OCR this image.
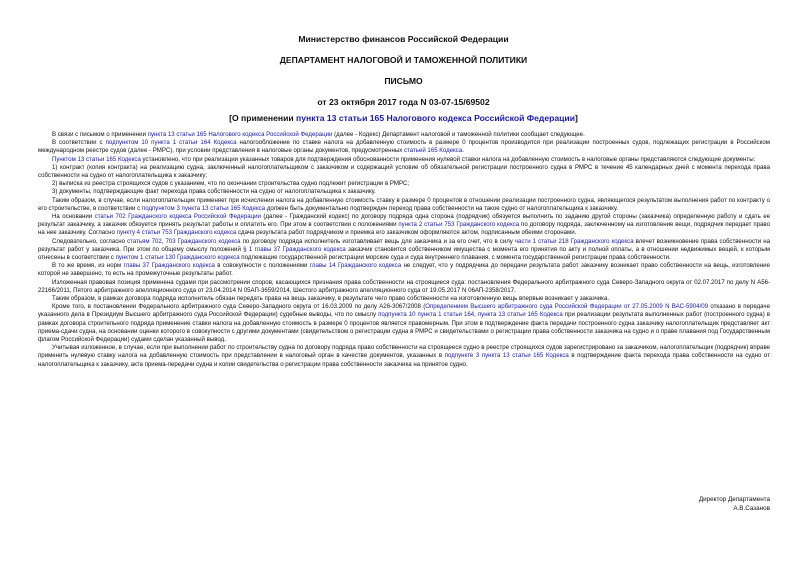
Министерство финансов Российской Федерации
ДЕПАРТАМЕНТ НАЛОГОВОЙ И ТАМОЖЕННОЙ ПОЛИТИКИ
ПИСЬМО
от 23 октября 2017 года N 03-07-15/69502
[О применении пункта 13 статьи 165 Налогового кодекса Российской Федерации]

В связи с письмом о применении пункта 13 статьи 165 Налогового кодекса Российской Федерации (далее - Кодекс) Департамент налоговой и таможенной политики сообщает следующее.

В соответствии с подпунктом 10 пункта 1 статьи 164 Кодекса налогообложение по ставке налога на добавленную стоимость в размере 0 процентов производится при реализации построенных судов, подлежащих регистрации в Российском международном реестре судов (далее - РМРС), при условии представления в налоговые органы документов, предусмотренных статьей 165 Кодекса.

Пунктом 13 статьи 165 Кодекса установлено, что при реализации указанных товаров для подтверждения обоснованности применения нулевой ставки налога на добавленную стоимость в налоговые органы представляются следующие документы:

1) контракт (копия контракта) на реализацию судна, заключенный налогоплательщиком с заказчиком и содержащий условие об обязательной регистрации построенного судна в РМРС в течение 45 календарных дней с момента перехода права собственности на судно от налогоплательщика к заказчику;

2) выписка из реестра строящихся судов с указанием, что по окончании строительства судно подлежит регистрации в РМРС;

3) документы, подтверждающие факт перехода права собственности на судно от налогоплательщика к заказчику.

Таким образом, в случае, если налогоплательщик применяет при исчислении налога на добавленную стоимость ставку в размере 0 процентов в отношении реализации построенного судна, являющегося результатом выполнения работ по контракту о его строительстве, в соответствии с подпунктом 3 пункта 13 статьи 165 Кодекса должен быть документально подтвержден переход права собственности на такое судно от налогоплательщика к заказчику.

На основании статьи 702 Гражданского кодекса Российской Федерации (далее - Гражданский кодекс) по договору подряда одна сторона (подрядчик) обязуется выполнить по заданию другой стороны (заказчика) определенную работу и сдать ее результат заказчику, а заказчик обязуется принять результат работы и оплатить его. При этом в соответствии с положениями пункта 2 статьи 753 Гражданского кодекса по договору подряда, заключенному на изготовление вещи, подрядчик передает право на нее заказчику. Согласно пункту 4 статьи 753 Гражданского кодекса сдача результата работ подрядчиком и приемка его заказчиком оформляются актом, подписанным обеими сторонами.

Следовательно, согласно статьям 702, 703 Гражданского кодекса по договору подряда исполнитель изготавливает вещь для заказчика и за его счет, что в силу части 1 статьи 218 Гражданского кодекса влечет возникновение права собственности на результат работ у заказчика. При этом по общему смыслу положений § 1 главы 37 Гражданского кодекса заказчик становится собственником имущества с момента его принятия по акту и полной оплаты, а в отношении недвижимых вещей, к которым отнесены в соответствии с пунктом 1 статьи 130 Гражданского кодекса подлежащие государственной регистрации морские суда и суда внутреннего плавания, с момента государственной регистрации права собственности.

В то же время, из норм главы 37 Гражданского кодекса в совокупности с положениями главы 14 Гражданского кодекса не следует, что у подрядчика до передачи результата работ заказчику возникает право собственности на вещь, изготовление которой не завершено, то есть на промежуточные результаты работ.

Изложенная правовая позиция применена судами при рассмотрении споров, касающихся признания права собственности на строящиеся суда: постановления Федерального арбитражного суда Северо-Западного округа от 02.07.2017 по делу N А56-22166/2011, Пятого арбитражного апелляционного суда от 23.04.2014 N 05АП-3659/2014, Шестого арбитражного апелляционного суда от 19.05.2017 N 06АП-2358/2017.

Таким образом, в рамках договора подряда исполнитель обязан передать права на вещь заказчику, в результате чего право собственности на изготовленную вещь впервые возникает у заказчика.

Кроме того, в постановлении Федерального арбитражного суда Северо-Западного округа от 16.03.2009 по делу А26-3067/2008 (Определением Высшего арбитражного суда Российской Федерации от 27.05.2009 N ВАС-5904/09 отказано в передаче указанного дела в Президиум Высшего арбитражного суда Российской Федерации) судебные выводы, что по смыслу подпункта 10 пункта 1 статьи 164, пункта 13 статьи 165 Кодекса при реализации результата выполненных работ (построенного судна) в рамках договора строительного подряда применение ставки налога на добавленную стоимость в размере 0 процентов является правомерным. При этом в подтверждение факта передачи построенного судна заказчику налогоплательщик представляет акт приема-сдачи судна, на основании оценки которого в совокупности с другими документами (свидетельством о регистрации судна в РМРС и свидетельствами о регистрации права собственности заказчика на судно и о праве плавания под Государственным флагом Российской Федерации) судами сделан указанный вывод.

Учитывая изложенное, в случае, если при выполнении работ по строительству судна по договору подряда право собственности на строящееся судно в реестре строящихся судов зарегистрировано за заказчиком, налогоплательщик (подрядчик) вправе применить нулевую ставку налога на добавленную стоимость при представлении в налоговый орган в качестве документов, указанных в подпункте 3 пункта 13 статьи 165 Кодекса в подтверждение факта перехода права собственности на судно от налогоплательщика к заказчику, акта приема-передачи судна и копии свидетельства о регистрации права собственности заказчика на принятое судно.

Директор Департамента
А.В.Сазанов
